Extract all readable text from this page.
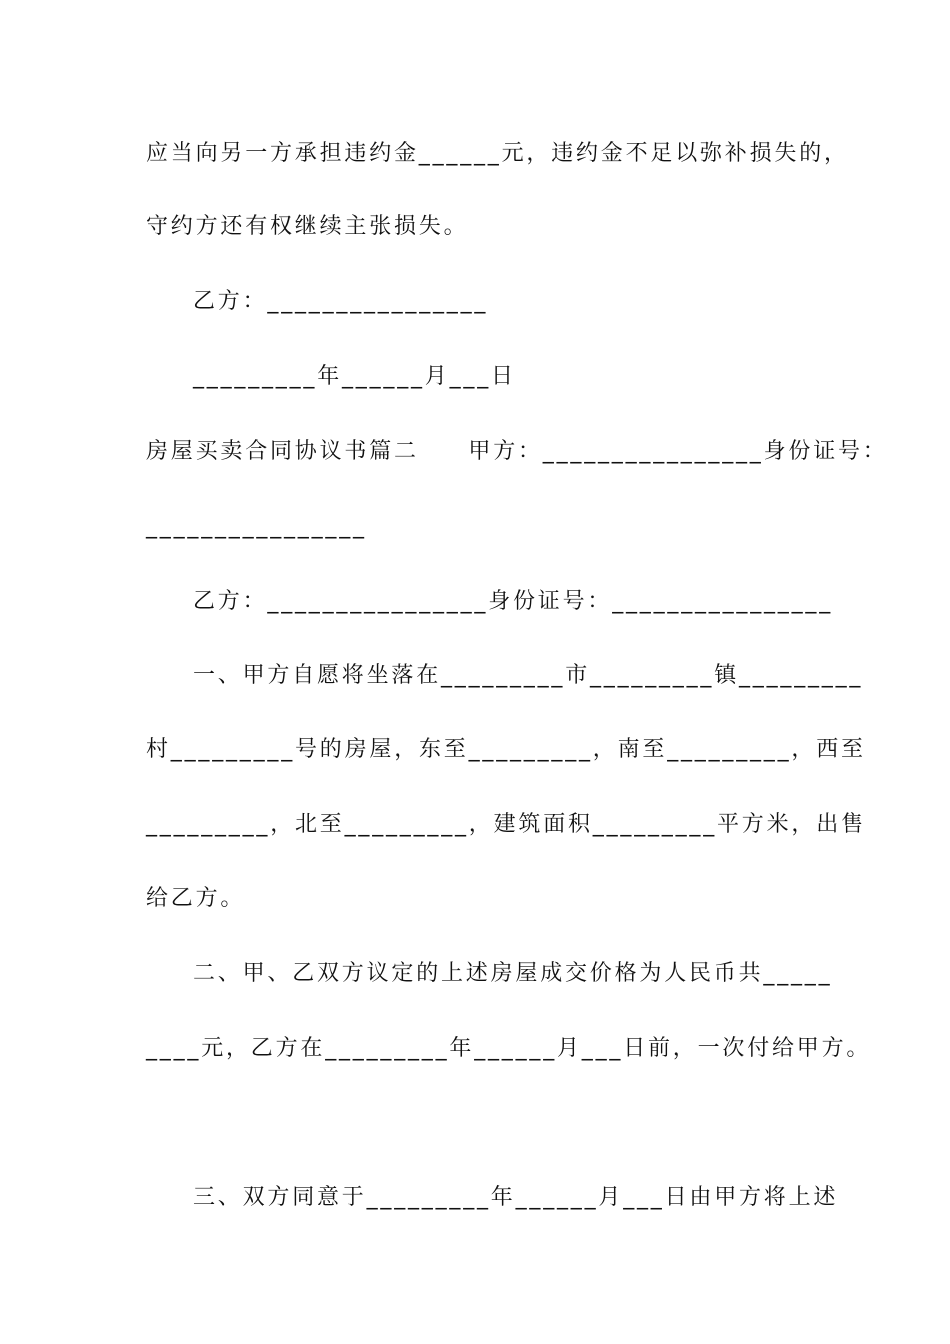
应当向另一方承担违约金______元，违约金不足以弥补损失的，
守约方还有权继续主张损失。
乙方：________________
_________年______月___日
房屋买卖合同协议书篇二　　甲方：________________身份证号：
________________
乙方：________________身份证号：________________
一、甲方自愿将坐落在_________市_________镇_________
村_________号的房屋，东至_________，南至_________，西至
_________，北至_________，建筑面积_________平方米，出售
给乙方。
二、甲、乙双方议定的上述房屋成交价格为人民币共_____
____元，乙方在_________年______月___日前，一次付给甲方。
三、双方同意于_________年______月___日由甲方将上述
